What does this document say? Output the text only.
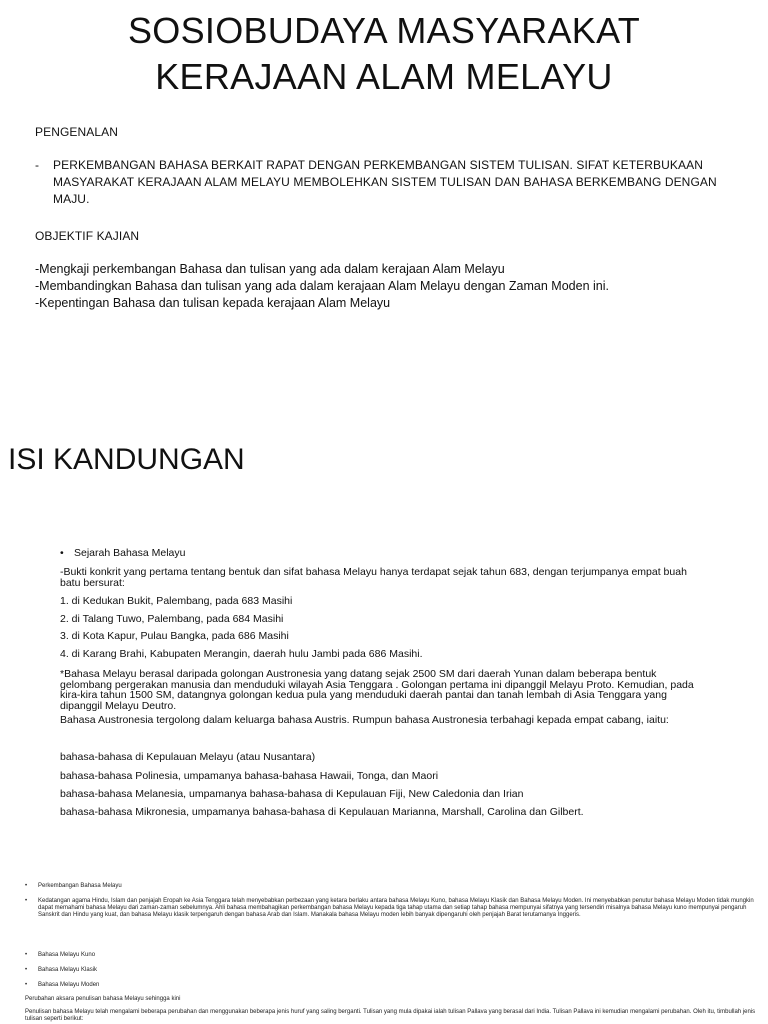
SOSIOBUDAYA MASYARAKAT
KERAJAAN ALAM MELAYU
PENGENALAN
- PERKEMBANGAN BAHASA BERKAIT RAPAT DENGAN PERKEMBANGAN SISTEM TULISAN. SIFAT KETERBUKAAN MASYARAKAT KERAJAAN ALAM MELAYU MEMBOLEHKAN SISTEM TULISAN DAN BAHASA BERKEMBANG DENGAN MAJU.
OBJEKTIF KAJIAN
-Mengkaji perkembangan Bahasa dan tulisan yang ada dalam kerajaan Alam Melayu
-Membandingkan Bahasa dan tulisan yang ada dalam kerajaan Alam Melayu dengan Zaman Moden ini.
-Kepentingan Bahasa dan tulisan kepada kerajaan Alam Melayu
ISI KANDUNGAN
• Sejarah Bahasa Melayu
-Bukti konkrit yang pertama tentang bentuk dan sifat bahasa Melayu hanya terdapat sejak tahun 683, dengan terjumpanya empat buah batu bersurat:
1. di Kedukan Bukit, Palembang, pada 683 Masihi
2. di Talang Tuwo, Palembang, pada 684 Masihi
3. di Kota Kapur, Pulau Bangka, pada 686 Masihi
4. di Karang Brahi, Kabupaten Merangin, daerah hulu Jambi pada 686 Masihi.
*Bahasa Melayu berasal daripada golongan Austronesia yang datang sejak 2500 SM dari daerah Yunan dalam beberapa bentuk gelombang pergerakan manusia dan menduduki wilayah Asia Tenggara . Golongan pertama ini dipanggil Melayu Proto. Kemudian, pada kira-kira tahun 1500 SM, datangnya golongan kedua pula yang menduduki daerah pantai dan tanah lembah di Asia Tenggara yang dipanggil Melayu Deutro.
Bahasa Austronesia tergolong dalam keluarga bahasa Austris. Rumpun bahasa Austronesia terbahagi kepada empat cabang, iaitu:
bahasa-bahasa di Kepulauan Melayu (atau Nusantara)
bahasa-bahasa Polinesia, umpamanya bahasa-bahasa Hawaii, Tonga, dan Maori
bahasa-bahasa Melanesia, umpamanya bahasa-bahasa di Kepulauan Fiji, New Caledonia dan Irian
bahasa-bahasa Mikronesia, umpamanya bahasa-bahasa di Kepulauan Marianna, Marshall, Carolina dan Gilbert.
• Perkembangan Bahasa Melayu
• Kedatangan agama Hindu, Islam dan penjajah Eropah ke Asia Tenggara telah menyebabkan perbezaan yang ketara berlaku antara bahasa Melayu Kuno, bahasa Melayu Klasik dan Bahasa Melayu Moden. Ini menyebabkan penutur bahasa Melayu Moden tidak mungkin dapat memahami bahasa Melayu dari zaman-zaman sebelumnya. Ahli bahasa membahagikan perkembangan bahasa Melayu kepada tiga tahap utama dan setiap tahap bahasa mempunyai sifatnya yang tersendiri misalnya bahasa Melayu kuno mempunyai pengaruh Sanskrit dan Hindu yang kuat, dan bahasa Melayu klasik terpengaruh dengan bahasa Arab dan Islam. Manakala bahasa Melayu moden lebih banyak dipengaruhi oleh penjajah Barat terutamanya Inggeris.
• Bahasa Melayu Kuno
• Bahasa Melayu Klasik
• Bahasa Melayu Moden
Perubahan aksara penulisan bahasa Melayu sehingga kini
Penulisan bahasa Melayu telah mengalami beberapa perubahan dan menggunakan beberapa jenis huruf yang saling berganti. Tulisan yang mula dipakai ialah tulisan Pallava yang berasal dari India. Tulisan Pallava ini kemudian mengalami perubahan. Oleh itu, timbullah jenis tulisan seperti berikut:
